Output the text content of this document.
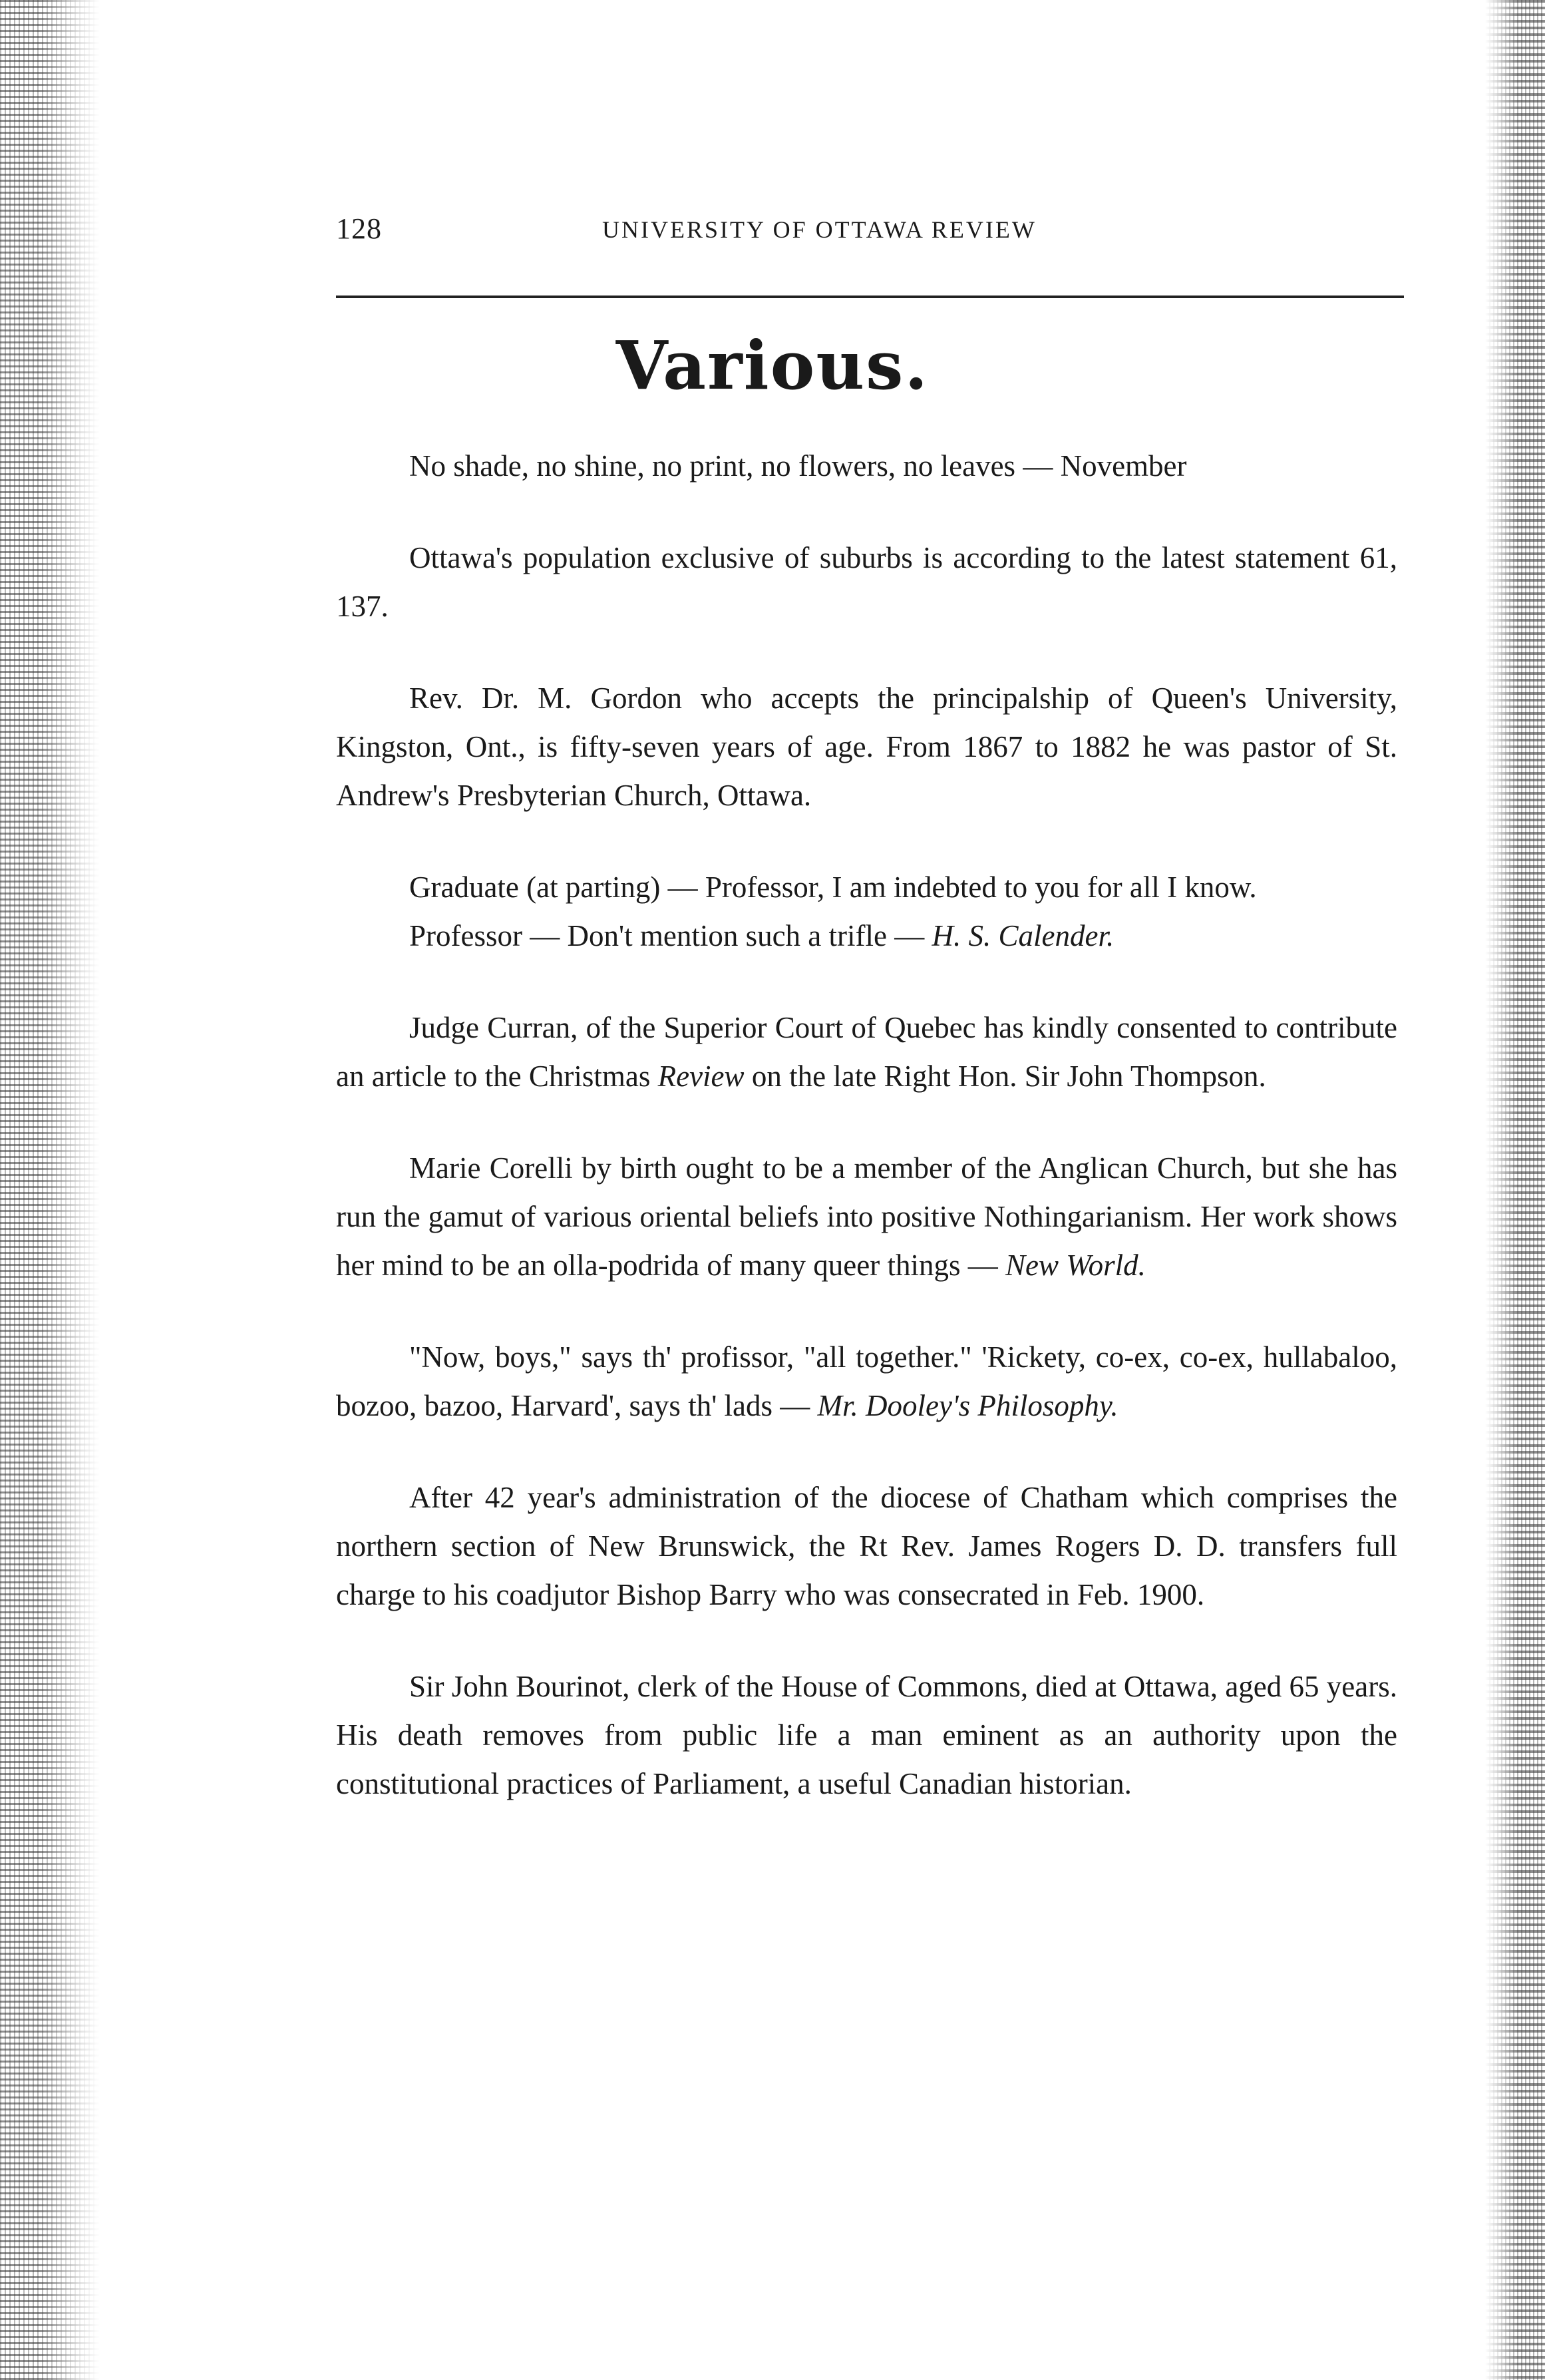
128	UNIVERSITY OF OTTAWA REVIEW
Various.

No shade, no shine, no print, no flowers, no leaves — November

Ottawa's population exclusive of suburbs is according to the latest statement 61, 137.

Rev. Dr. M. Gordon who accepts the principalship of Queen's University, Kingston, Ont., is fifty-seven years of age. From 1867 to 1882 he was pastor of St. Andrew's Presbyterian Church, Ottawa.

Graduate (at parting) — Professor, I am indebted to you for all I know.

Professor — Don't mention such a trifle — H. S. Calender.

Judge Curran, of the Superior Court of Quebec has kindly consented to contribute an article to the Christmas Review on the late Right Hon. Sir John Thompson.

Marie Corelli by birth ought to be a member of the Anglican Church, but she has run the gamut of various oriental beliefs into positive Nothingarianism. Her work shows her mind to be an olla-podrida of many queer things — New World.

"Now, boys," says th' profissor, "all together." 'Rickety, co-ex, co-ex, hullabaloo, bozoo, bazoo, Harvard', says th' lads — Mr. Dooley's Philosophy.

After 42 year's administration of the diocese of Chatham which comprises the northern section of New Brunswick, the Rt Rev. James Rogers D. D. transfers full charge to his coadjutor Bishop Barry who was consecrated in Feb. 1900.

Sir John Bourinot, clerk of the House of Commons, died at Ottawa, aged 65 years. His death removes from public life a man eminent as an authority upon the constitutional practices of Parliament, a useful Canadian historian.
